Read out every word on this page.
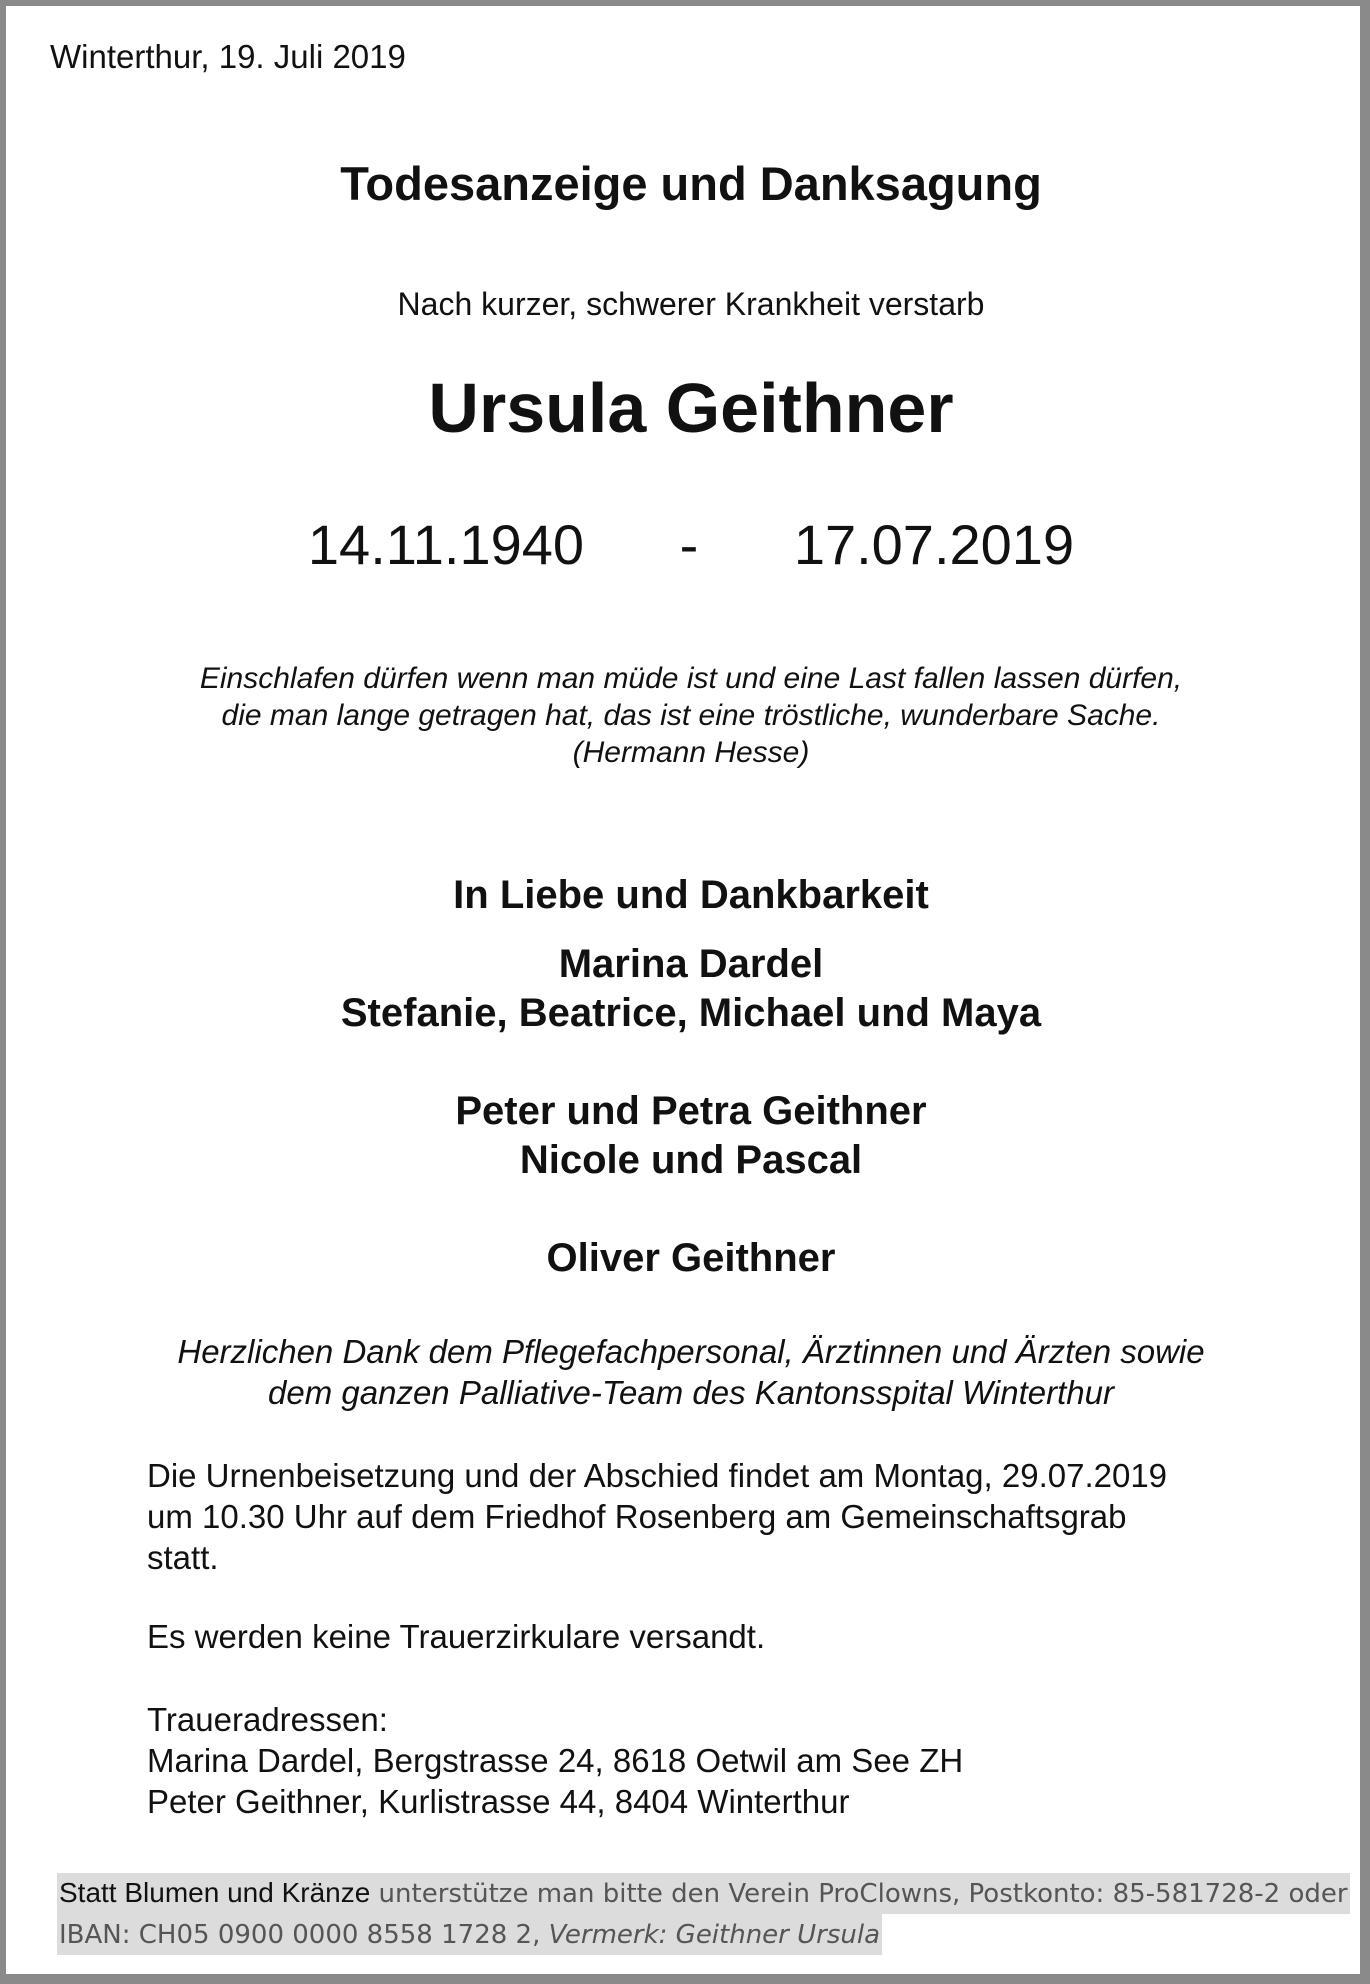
Winterthur, 19. Juli 2019
Todesanzeige und Danksagung
Nach kurzer, schwerer Krankheit verstarb
Ursula Geithner
14.11.1940 - 17.07.2019
Einschlafen dürfen wenn man müde ist und eine Last fallen lassen dürfen,
die man lange getragen hat, das ist eine tröstliche, wunderbare Sache.
(Hermann Hesse)
In Liebe und Dankbarkeit
Marina Dardel
Stefanie, Beatrice, Michael und Maya
Peter und Petra Geithner
Nicole und Pascal
Oliver Geithner
Herzlichen Dank dem Pflegefachpersonal, Ärztinnen und Ärzten sowie
dem ganzen Palliative-Team des Kantonsspital Winterthur
Die Urnenbeisetzung und der Abschied findet am Montag, 29.07.2019
um 10.30 Uhr auf dem Friedhof Rosenberg am Gemeinschaftsgrab
statt.
Es werden keine Trauerzirkulare versandt.
Traueradressen:
Marina Dardel, Bergstrasse 24, 8618 Oetwil am See ZH
Peter Geithner, Kurlistrasse 44, 8404 Winterthur
Statt Blumen und Kränze unterstütze man bitte den Verein ProClowns, Postkonto: 85-581728-2 oder
IBAN: CH05 0900 0000 8558 1728 2, Vermerk: Geithner Ursula
